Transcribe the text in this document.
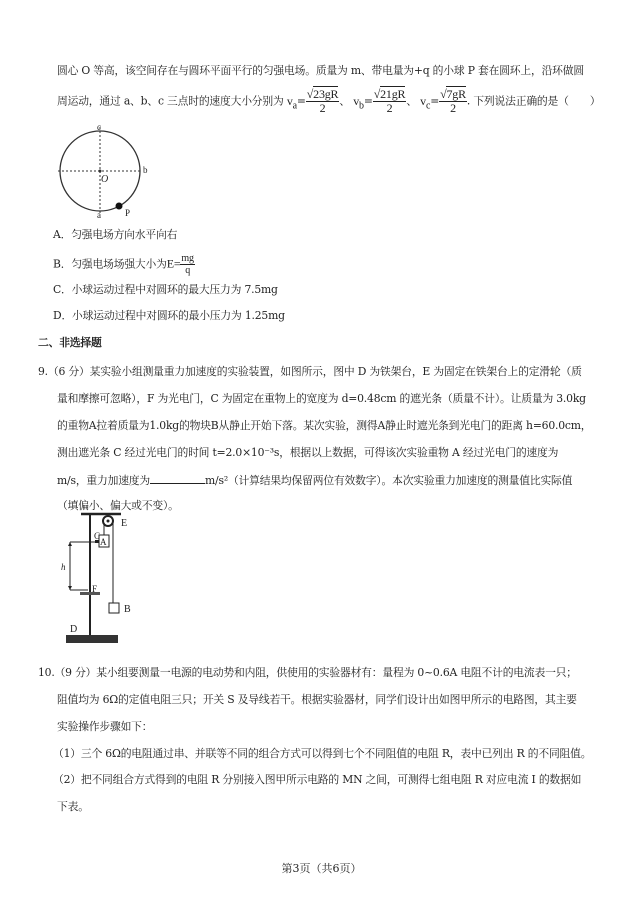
圆心 O 等高，该空间存在与圆环平面平行的匀强电场。质量为 m、带电量为+q 的小球 P 套在圆环上，沿环做圆
周运动，通过 a、b、c 三点时的速度大小分别为 $v_a= \frac{√23gR}{2}$ 、 $v_b= \frac{√21gR}{2}$ 、 $v_c= \frac{√7gR}{2}$ . 下列说法正确的是（　　）
c
b
O
a	P
A．匀强电场方向水平向右
B．匀强电场场强大小为$E= \frac{mg}{q}$
C．小球运动过程中对圆环的最大压力为 7.5mg
D．小球运动过程中对圆环的最小压力为 1.25mg
二、非选择题
9.（6 分）某实验小组测量重力加速度的实验装置，如图所示，图中 D 为铁架台，E 为固定在铁架台上的定滑轮（质
量和摩擦可忽略），F 为光电门，C 为固定在重物上的宽度为 d=0.48cm 的遮光条（质量不计）。让质量为 3.0kg
的重物A拉着质量为1.0kg的物块B从静止开始下落。某次实验，测得A静止时遮光条到光电门的距离 h=60.0cm，
测出遮光条 C 经过光电门的时间 t=2.0×10⁻³s，根据以上数据，可得该次实验重物 A 经过光电门的速度为
m/s，重力加速度为	m/s²（计算结果均保留两位有效数字）。本次实验重力加速度的测量值比实际值
（填偏小、偏大或不变）。
E
C
A
h
F
B
D
10.（9 分）某小组要测量一电源的电动势和内阻，供使用的实验器材有：量程为 0~0.6A 电阻不计的电流表一只；
阻值均为 6Ω的定值电阻三只；开关 S 及导线若干。根据实验器材，同学们设计出如图甲所示的电路图，其主要
实验操作步骤如下：
（1）三个 6Ω的电阻通过串、并联等不同的组合方式可以得到七个不同阻值的电阻 R，表中已列出 R 的不同阻值。
（2）把不同组合方式得到的电阻 R 分别接入图甲所示电路的 MN 之间，可测得七组电阻 R 对应电流 I 的数据如
下表。
第3页（共6页）
